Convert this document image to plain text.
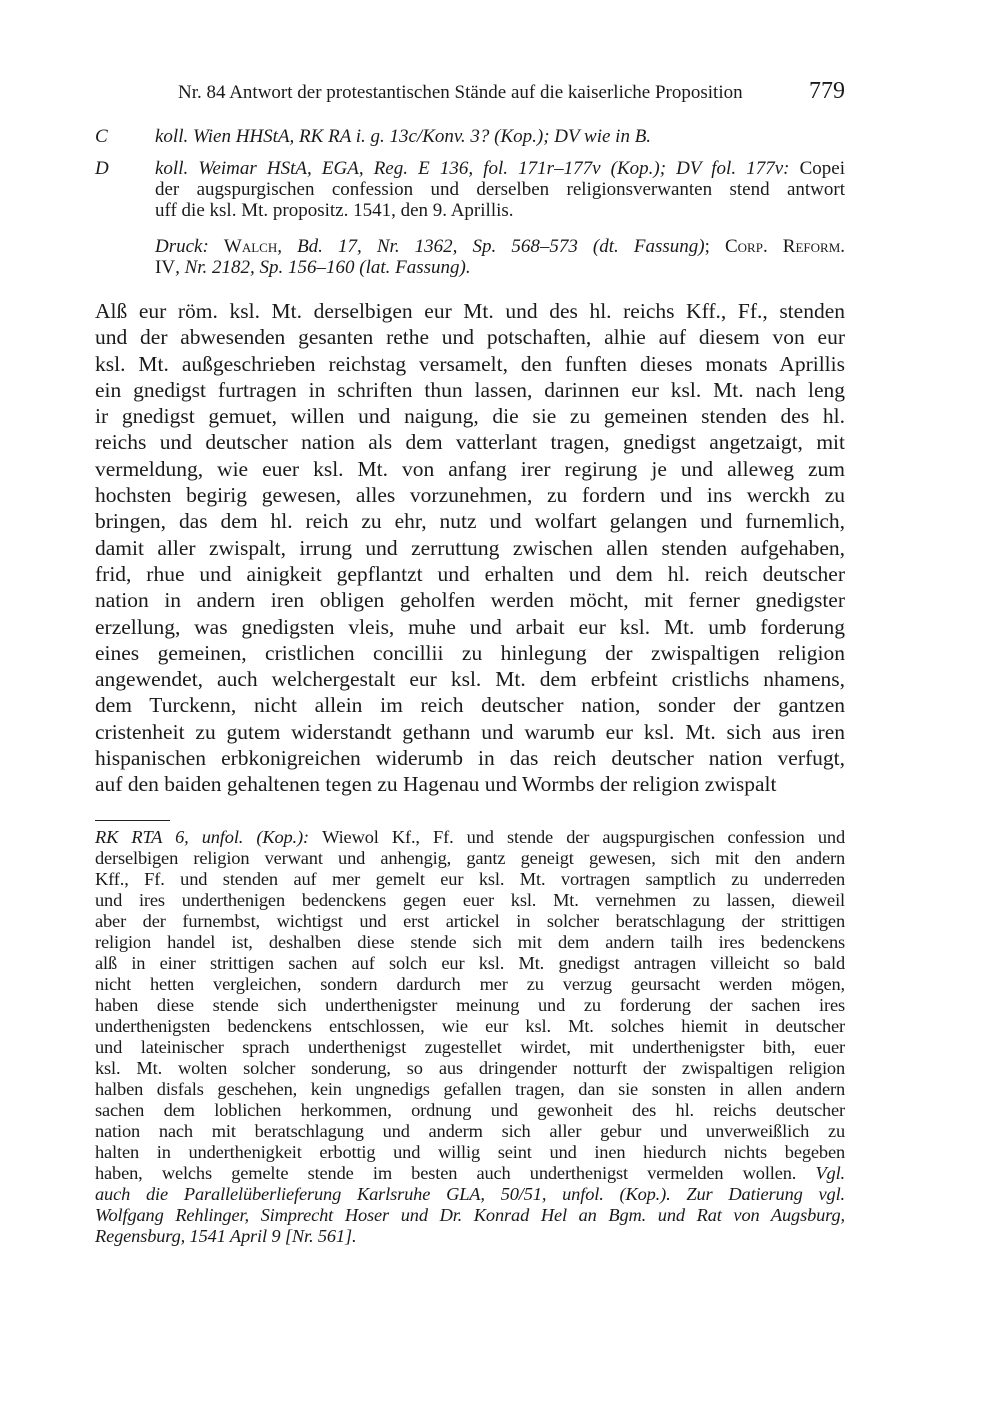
Nr. 84 Antwort der protestantischen Stände auf die kaiserliche Proposition	779
C koll. Wien HHStA, RK RA i. g. 13c/Konv. 3? (Kop.); DV wie in B.
D koll. Weimar HStA, EGA, Reg. E 136, fol. 171r–177v (Kop.); DV fol. 177v: Copei
der augspurgischen confession und derselben religionsverwanten stend antwort
uff die ksl. Mt. propositz. 1541, den 9. Aprillis.
Druck: Walch, Bd. 17, Nr. 1362, Sp. 568–573 (dt. Fassung); Corp. Reform.
IV, Nr. 2182, Sp. 156–160 (lat. Fassung).
Alß eur röm. ksl. Mt. derselbigen eur Mt. und des hl. reichs Kff., Ff., stenden
und der abwesenden gesanten rethe und potschaften, alhie auf diesem von eur
ksl. Mt. außgeschrieben reichstag versamelt, den funften dieses monats Aprillis
ein gnedigst furtragen in schriften thun lassen, darinnen eur ksl. Mt. nach leng
ir gnedigst gemuet, willen und naigung, die sie zu gemeinen stenden des hl.
reichs und deutscher nation als dem vatterlant tragen, gnedigst angetzaigt, mit
vermeldung, wie euer ksl. Mt. von anfang irer regirung je und alleweg zum
hochsten begirig gewesen, alles vorzunehmen, zu fordern und ins werckh zu
bringen, das dem hl. reich zu ehr, nutz und wolfart gelangen und furnemlich,
damit aller zwispalt, irrung und zerruttung zwischen allen stenden aufgehaben,
frid, rhue und ainigkeit gepflantzt und erhalten und dem hl. reich deutscher
nation in andern iren obligen geholfen werden möcht, mit ferner gnedigster
erzellung, was gnedigsten vleis, muhe und arbait eur ksl. Mt. umb forderung
eines gemeinen, cristlichen concillii zu hinlegung der zwispaltigen religion
angewendet, auch welchergestalt eur ksl. Mt. dem erbfeint cristlichs nhamens,
dem Turckenn, nicht allein im reich deutscher nation, sonder der gantzen
cristenheit zu gutem widerstandt gethann und warumb eur ksl. Mt. sich aus iren
hispanischen erbkonigreichen widerumb in das reich deutscher nation verfugt,
auf den baiden gehaltenen tegen zu Hagenau und Wormbs der religion zwispalt
RK RTA 6, unfol. (Kop.): Wiewol Kf., Ff. und stende der augspurgischen confession und
derselbigen religion verwant und anhengig, gantz geneigt gewesen, sich mit den andern
Kff., Ff. und stenden auf mer gemelt eur ksl. Mt. vortragen samptlich zu underreden
und ires underthenigen bedenckens gegen euer ksl. Mt. vernehmen zu lassen, dieweil
aber der furnembst, wichtigst und erst artickel in solcher beratschlagung der strittigen
religion handel ist, deshalben diese stende sich mit dem andern tailh ires bedenckens
alß in einer strittigen sachen auf solch eur ksl. Mt. gnedigst antragen villeicht so bald
nicht hetten vergleichen, sondern dardurch mer zu verzug geursacht werden mögen,
haben diese stende sich underthenigster meinung und zu forderung der sachen ires
underthenigsten bedenckens entschlossen, wie eur ksl. Mt. solches hiemit in deutscher
und lateinischer sprach underthenigst zugestellet wirdet, mit underthenigster bith, euer
ksl. Mt. wolten solcher sonderung, so aus dringender notturft der zwispaltigen religion
halben disfals geschehen, kein ungnedigs gefallen tragen, dan sie sonsten in allen andern
sachen dem loblichen herkommen, ordnung und gewonheit des hl. reichs deutscher
nation nach mit beratschlagung und anderm sich aller gebur und unverweißlich zu
halten in underthenigkeit erbottig und willig seint und inen hiedurch nichts begeben
haben, welchs gemelte stende im besten auch underthenigst vermelden wollen. Vgl.
auch die Parallelüberlieferung Karlsruhe GLA, 50/51, unfol. (Kop.). Zur Datierung vgl.
Wolfgang Rehlinger, Simprecht Hoser und Dr. Konrad Hel an Bgm. und Rat von Augsburg,
Regensburg, 1541 April 9 [Nr. 561].
